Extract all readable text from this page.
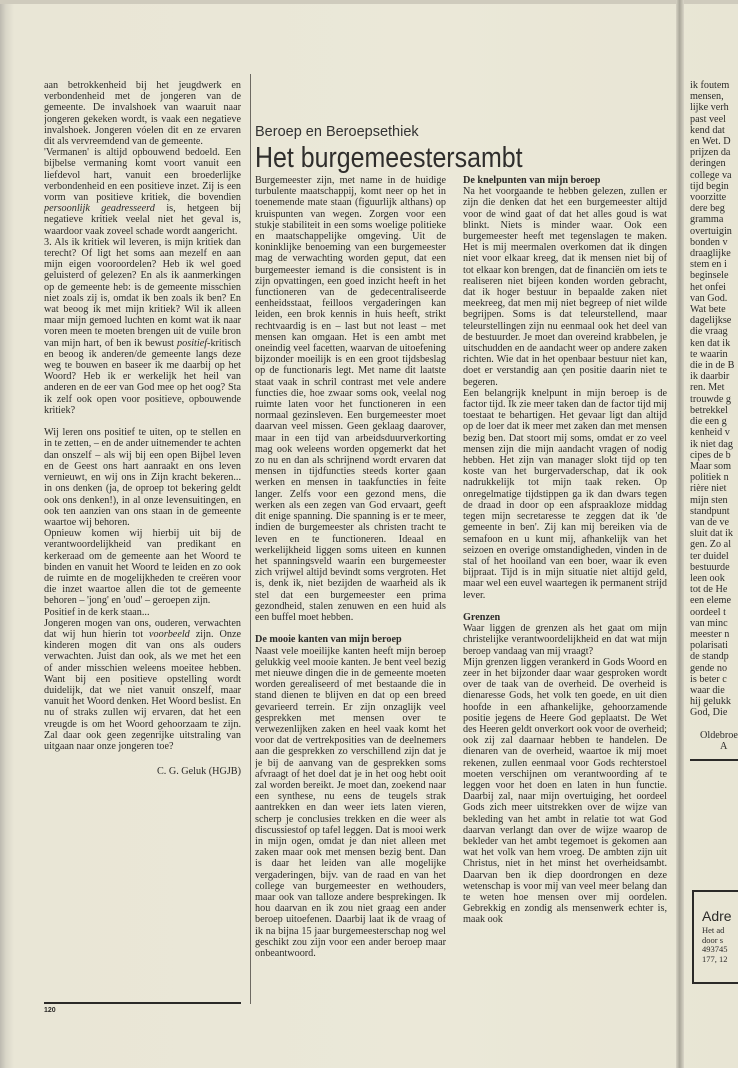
aan betrokkenheid bij het jeugdwerk en verbondenheid met de jongeren van de gemeente. De invalshoek van waaruit naar jongeren gekeken wordt, is vaak een negatieve invalshoek. Jongeren vóelen dit en ze ervaren dit als vervreemdend van de gemeente.

'Vermanen' is altijd opbouwend bedoeld. Een bijbelse vermaning komt voort vanuit een liefdevol hart, vanuit een broederlijke verbondenheid en een positieve inzet. Zij is een vorm van positieve kritiek, die bovendien persoonlijk geadresseerd is, hetgeen bij negatieve kritiek veelal niet het geval is, waardoor vaak zoveel schade wordt aangericht.

3. Als ik kritiek wil leveren, is mijn kritiek dan terecht? Of ligt het soms aan mezelf en aan mijn eigen vooroordelen? Heb ik wel goed geluisterd of gelezen? En als ik aanmerkingen op de gemeente heb: is de gemeente misschien niet zoals zij is, omdat ik ben zoals ik ben? En wat beoog ik met mijn kritiek? Wil ik alleen maar mijn gemoed luchten en komt wat ik naar voren meen te moeten brengen uit de vuile bron van mijn hart, of ben ik bewust positief-kritisch en beoog ik anderen/de gemeente langs deze weg te bouwen en baseer ik me daarbij op het Woord? Heb ik er werkelijk het heil van anderen en de eer van God mee op het oog? Sta ik zelf ook open voor positieve, opbouwende kritiek?

Wij leren ons positief te uiten, op te stellen en in te zetten, – en de ander uitnemender te achten dan onszelf – als wij bij een open Bijbel leven en de Geest ons hart aanraakt en ons leven vernieuwt, en wij ons in Zijn kracht bekeren... in ons denken (ja, de oproep tot bekering geldt ook ons denken!), in al onze levensuitingen, en ook ten aanzien van ons staan in de gemeente waartoe wij behoren.

Opnieuw komen wij hierbij uit bij de verantwoordelijkheid van predikant en kerkeraad om de gemeente aan het Woord te binden en vanuit het Woord te leiden en zo ook de ruimte en de mogelijkheden te creëren voor die inzet waartoe allen die tot de gemeente behoren – 'jong' en 'oud' – geroepen zijn.

Positief in de kerk staan...

Jongeren mogen van ons, ouderen, verwachten dat wij hun hierin tot voorbeeld zijn. Onze kinderen mogen dit van ons als ouders verwachten. Juist dan ook, als we met het een of ander misschien weleens moeitee hebben. Want bij een positieve opstelling wordt duidelijk, dat we niet vanuit onszelf, maar vanuit het Woord denken. Het Woord beslist. En nu of straks zullen wij ervaren, dat het een vreugde is om het Woord gehoorzaam te zijn. Zal daar ook geen zegenrijke uitstraling van uitgaan naar onze jongeren toe?

C. G. Geluk (HGJB)

120
Beroep en Beroepsethiek
Het burgemeestersambt

Burgemeester zijn, met name in de huidige turbulente maatschappij, komt neer op het in toenemende mate staan (figuurlijk althans) op kruispunten van wegen. Zorgen voor een stukje stabiliteit in een soms woelige politieke en maatschappelijke omgeving. Uit de koninklijke benoeming van een burgemeester mag de verwachting worden geput, dat een burgemeester iemand is die consistent is in zijn opvattingen, een goed inzicht heeft in het functioneren van de gedecentraliseerde eenheidsstaat, feilloos vergaderingen kan leiden, een brok kennis in huis heeft, strikt rechtvaardig is en – last but not least – met mensen kan omgaan. Het is een ambt met oneindig veel facetten, waarvan de uitoefening bijzonder moeilijk is en een groot tijdsbeslag op de functionaris legt. Met name dit laatste staat vaak in schril contrast met vele andere functies die, hoe zwaar soms ook, veelal nog ruimte laten voor het functioneren in een normaal gezinsleven. Een burgemeester moet daarvan veel missen. Geen geklaag daarover, maar in een tijd van arbeidsduurverkorting mag ook weleens worden opgemerkt dat het zo nu en dan als schrijnend wordt ervaren dat mensen in tijdfuncties steeds korter gaan werken en mensen in taakfuncties in feite langer. Zelfs voor een gezond mens, die werken als een zegen van God ervaart, geeft dit enige spanning. Die spanning is er te meer, indien de burgemeester als christen tracht te leven en te functioneren. Ideaal en werkelijkheid liggen soms uiteen en kunnen het spanningsveld waarin een burgemeester zich vrijwel altijd bevindt soms vergroten. Het is, denk ik, niet bezijden de waarheid als ik stel dat een burgemeester een prima gezondheid, stalen zenuwen en een huid als een buffel moet hebben.

De mooie kanten van mijn beroep

Naast vele moeilijke kanten heeft mijn beroep gelukkig veel mooie kanten. Je bent veel bezig met nieuwe dingen die in de gemeente moeten worden gerealiseerd of met bestaande die in stand dienen te blijven en dat op een breed gevarieerd terrein. Er zijn onzaglijk veel gesprekken met mensen over te verwezenlijken zaken en heel vaak komt het voor dat de vertrekposities van de deelnemers aan die gesprekken zo verschillend zijn dat je je bij de aanvang van de gesprekken soms afvraagt of het doel dat je in het oog hebt ooit zal worden bereikt. Je moet dan, zoekend naar een synthese, nu eens de teugels strak aantrekken en dan weer iets laten vieren, scherp je conclusies trekken en die weer als discussiestof op tafel leggen. Dat is mooi werk in mijn ogen, omdat je dan niet alleen met zaken maar ook met mensen bezig bent. Dan is daar het leiden van alle mogelijke vergaderingen, bijv. van de raad en van het college van burgemeester en wethouders, maar ook van talloze andere besprekingen. Ik hou daarvan en ik zou niet graag een ander beroep uitoefenen. Daarbij laat ik de vraag of ik na bijna 15 jaar burgemeesterschap nog wel geschikt zou zijn voor een ander beroep maar onbeantwoord.

De knelpunten van mijn beroep

Na het voorgaande te hebben gelezen, zullen er zijn die denken dat het een burgemeester altijd voor de wind gaat of dat het alles goud is wat blinkt. Niets is minder waar. Ook een burgemeester heeft met tegenslagen te maken. Het is mij meermalen overkomen dat ik dingen niet voor elkaar kreeg, dat ik mensen niet bij of tot elkaar kon brengen, dat de financiën om iets te realiseren niet bijeen konden worden gebracht, dat ik hoger bestuur in bepaalde zaken niet meekreeg, dat men mij niet begreep of niet wilde begrijpen. Soms is dat teleurstellend, maar teleurstellingen zijn nu eenmaal ook het deel van de bestuurder. Je moet dan overeind krabbelen, je uitschudden en de aandacht weer op andere zaken richten. Wie dat in het openbaar bestuur niet kan, doet er verstandig aan çen positie daarin niet te begeren.

Een belangrijk knelpunt in mijn beroep is de factor tijd. Ik zie meer taken dan de factor tijd mij toestaat te behartigen. Het gevaar ligt dan altijd op de loer dat ik meer met zaken dan met mensen bezig ben. Dat stoort mij soms, omdat er zo veel mensen zijn die mijn aandacht vragen of nodig hebben. Het zijn van manager slokt tijd op ten koste van het burgervaderschap, dat ik ook nadrukkelijk tot mijn taak reken. Op onregelmatige tijdstippen ga ik dan dwars tegen de draad in door op een afspraakloze middag tegen mijn secretaresse te zeggen dat ik 'de gemeente in ben'. Zij kan mij bereiken via de semafoon en u kunt mij, afhankelijk van het seizoen en overige omstandigheden, vinden in de stal of het hooiland van een boer, waar ik even bijpraat. Tijd is in mijn situatie niet altijd geld, maar wel een euvel waartegen ik permanent strijd lever.

Grenzen

Waar liggen de grenzen als het gaat om mijn christelijke verantwoordelijkheid en dat wat mijn beroep vandaag van mij vraagt?

Mijn grenzen liggen verankerd in Gods Woord en zeer in het bijzonder daar waar gesproken wordt over de taak van de overheid. De overheid is dienaresse Gods, het volk ten goede, en uit dien hoofde in een afhankelijke, gehoorzamende positie jegens de Heere God geplaatst. De Wet des Heeren geldt onverkort ook voor de overheid; ook zij zal daarnaar hebben te handelen. De dienaren van de overheid, waartoe ik mij moet rekenen, zullen eenmaal voor Gods rechterstoel moeten verschijnen om verantwoording af te leggen voor het doen en laten in hun functie. Daarbij zal, naar mijn overtuiging, het oordeel Gods zich meer uitstrekken over de wijze van bekleding van het ambt in relatie tot wat God daarvan verlangt dan over de wijze waarop de bekleder van het ambt tegemoet is gekomen aan wat het volk van hem vroeg. De ambten zijn uit Christus, niet in het minst het overheidsambt. Daarvan ben ik diep doordrongen en deze wetenschap is voor mij van veel meer belang dan te weten hoe mensen over mij oordelen. Gebrekkig en zondig als mensenwerk echter is, maak ook

ik foutem
mensen,
lijke verh
past veel
kend dat
en Wet. D
prijzen da
deringen
college va
tijd begin
voorzitte
dere beg
gramma
overtuigin
bonden v
draaglijke
stem en i
beginsele
het onfei
van God.
Wat bete
dagelijkse
die vraag
ken dat ik
te waarin
die in de B
ik daarbir
ren. Met
trouwde g
betrekkel
die een g
kenheid v
ik niet dag
cipes de b
Maar som
politiek n
rière niet
mijn sten
standpunt
van de ve
sluit dat ik
gen. Zo al
ter duidel
bestuurde
leen ook
tot de He
een eleme
oordeel t
van minc
meester n
polarisati
de standp
gende no
is beter c
waar die
hij gelukk
God, Die
Oldebroe
A
Adre
Het ad
door s
493745
177, 12
